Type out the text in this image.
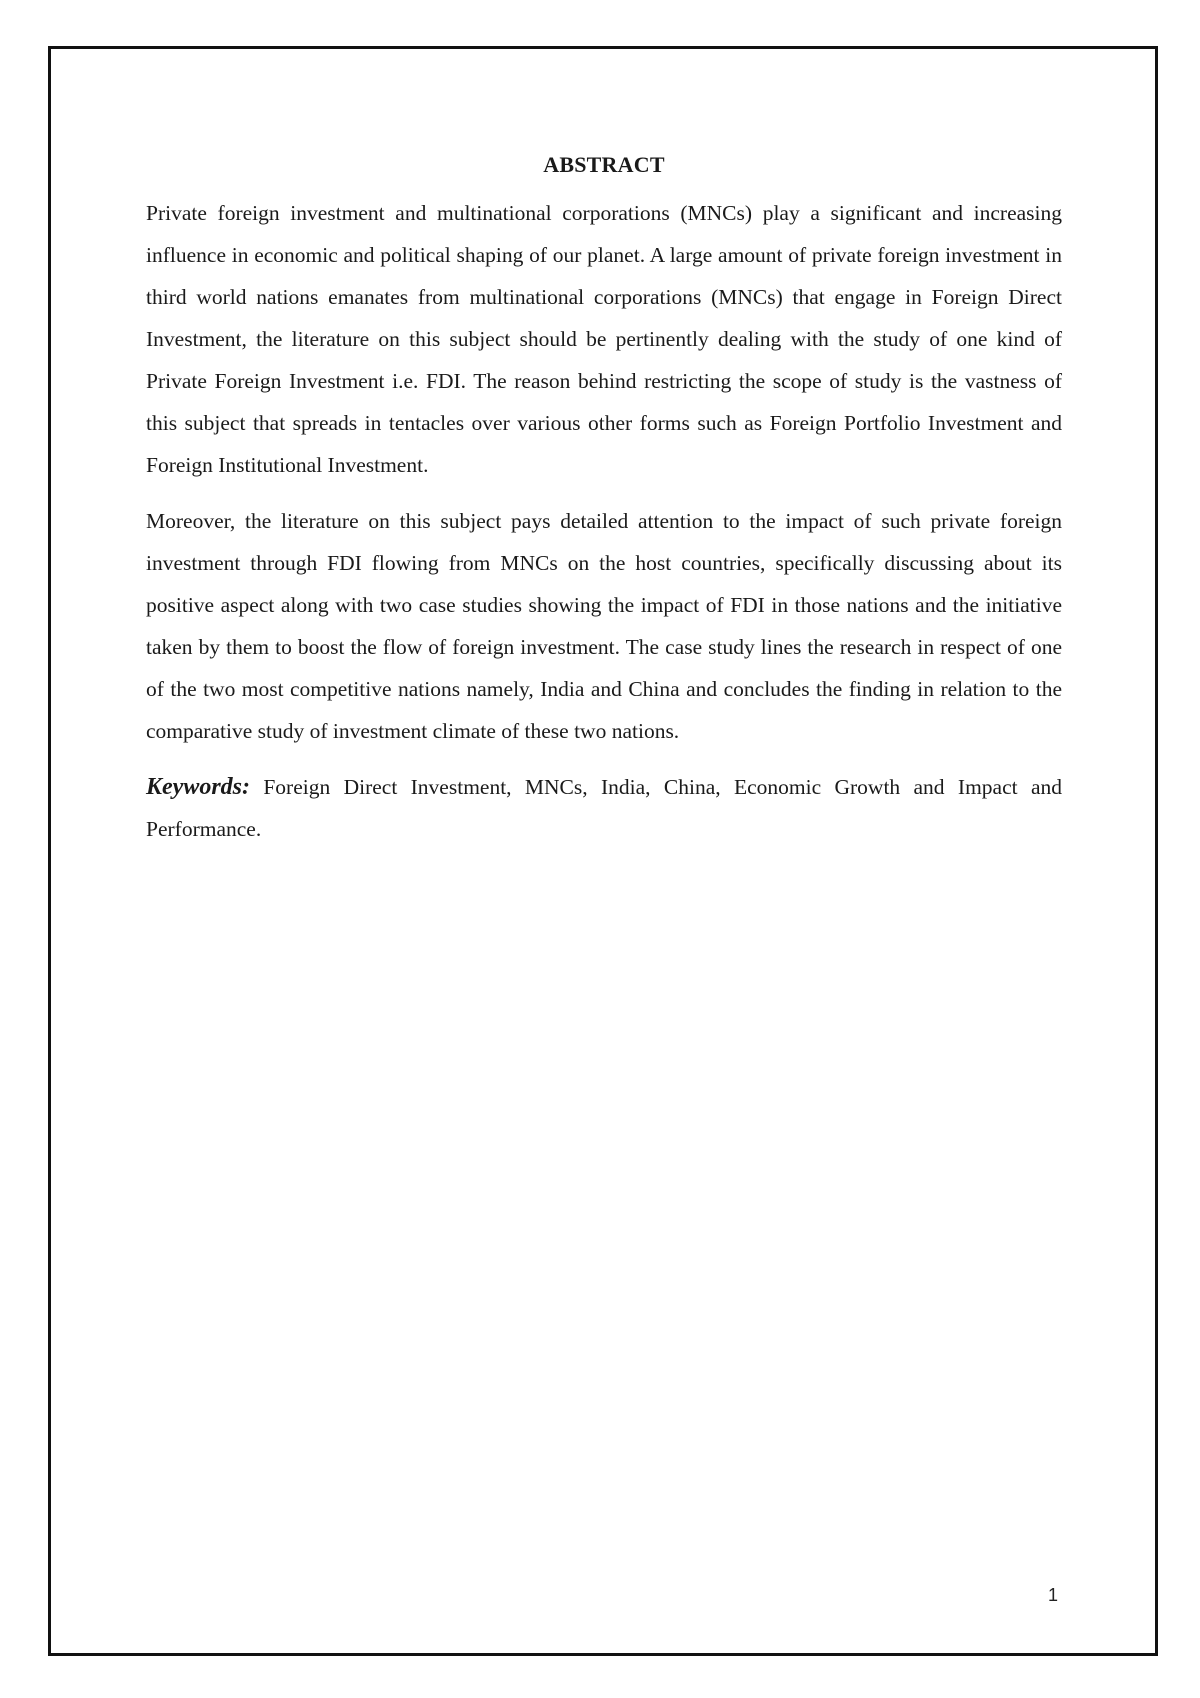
ABSTRACT

Private foreign investment and multinational corporations (MNCs) play a significant and increasing influence in economic and political shaping of our planet. A large amount of private foreign investment in third world nations emanates from multinational corporations (MNCs) that engage in Foreign Direct Investment, the literature on this subject should be pertinently dealing with the study of one kind of Private Foreign Investment i.e. FDI. The reason behind restricting the scope of study is the vastness of this subject that spreads in tentacles over various other forms such as Foreign Portfolio Investment and Foreign Institutional Investment.

Moreover, the literature on this subject pays detailed attention to the impact of such private foreign investment through FDI flowing from MNCs on the host countries, specifically discussing about its positive aspect along with two case studies showing the impact of FDI in those nations and the initiative taken by them to boost the flow of foreign investment. The case study lines the research in respect of one of the two most competitive nations namely, India and China and concludes the finding in relation to the comparative study of investment climate of these two nations.

Keywords: Foreign Direct Investment, MNCs, India, China, Economic Growth and Impact and Performance.

1
